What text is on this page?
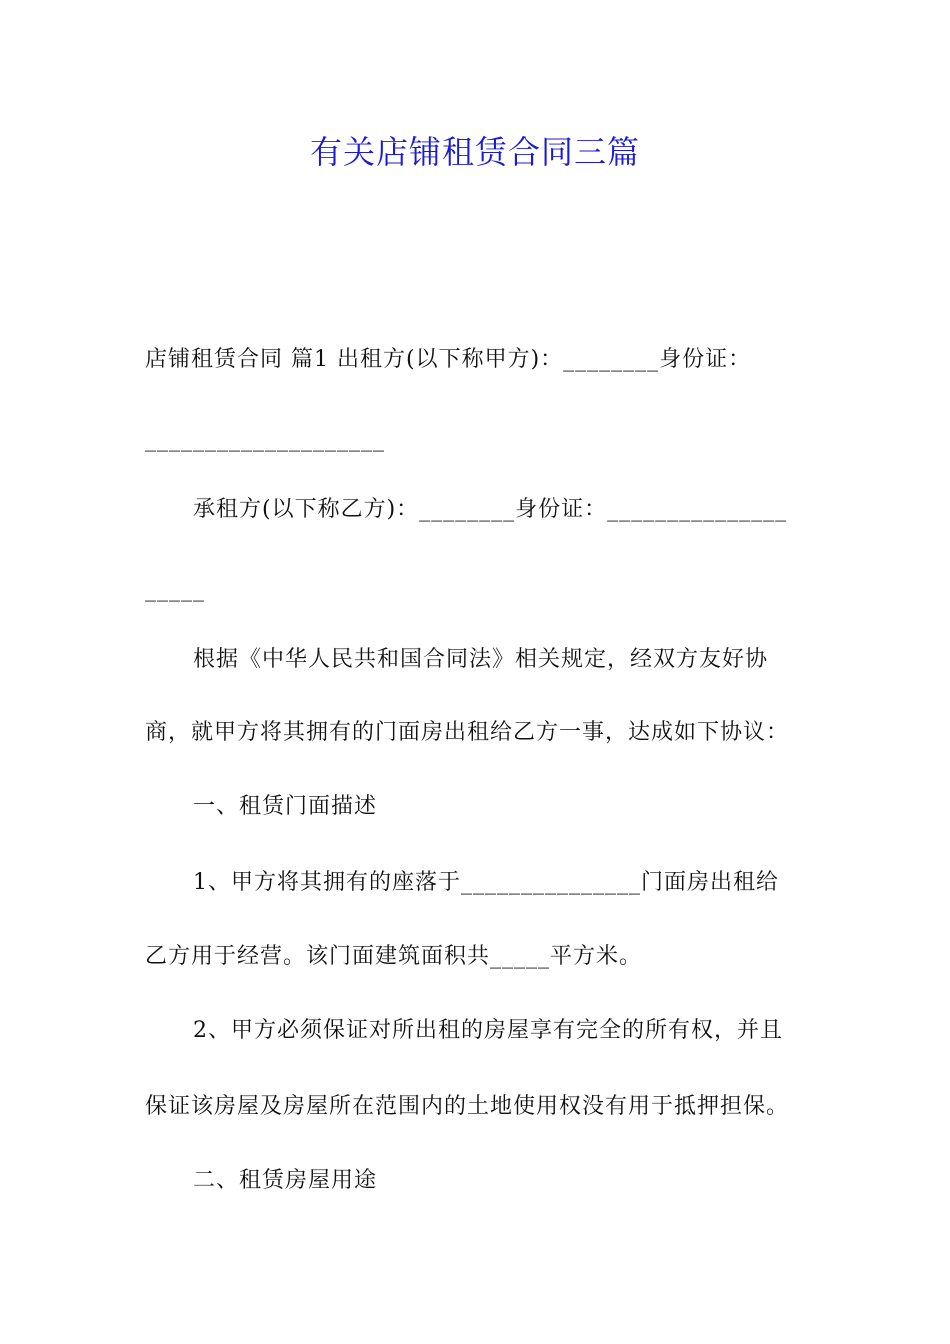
有关店铺租赁合同三篇
店铺租赁合同 篇1 出租方(以下称甲方)：________身份证：
____________________
承租方(以下称乙方)：________身份证：_______________
_____
根据《中华人民共和国合同法》相关规定，经双方友好协
商，就甲方将其拥有的门面房出租给乙方一事，达成如下协议：
一、租赁门面描述
1、甲方将其拥有的座落于_______________门面房出租给
乙方用于经营。该门面建筑面积共_____平方米。
2、甲方必须保证对所出租的房屋享有完全的所有权，并且
保证该房屋及房屋所在范围内的土地使用权没有用于抵押担保。
二、租赁房屋用途
